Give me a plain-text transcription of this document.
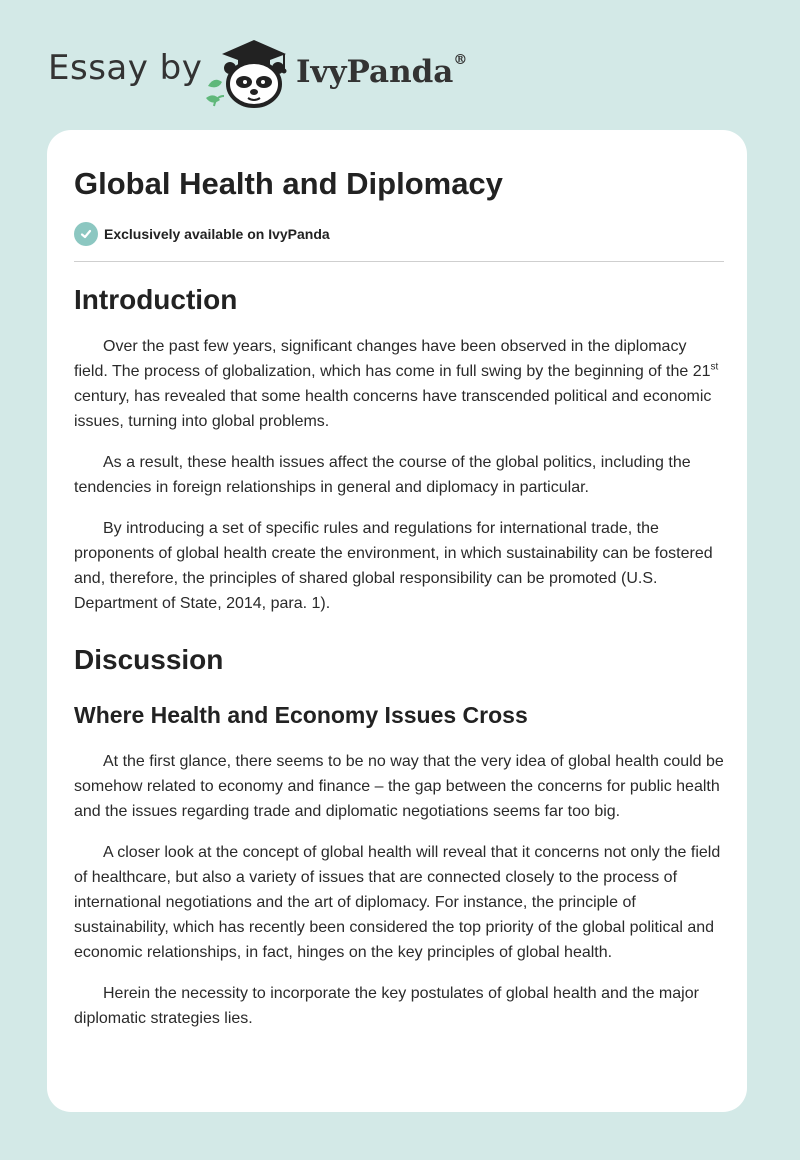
Essay by	IvyPanda®
Global Health and Diplomacy
Exclusively available on IvyPanda
Introduction

Over the past few years, significant changes have been observed in the diplomacy field. The process of globalization, which has come in full swing by the beginning of the 21st century, has revealed that some health concerns have transcended political and economic issues, turning into global problems.

As a result, these health issues affect the course of the global politics, including the tendencies in foreign relationships in general and diplomacy in particular.

By introducing a set of specific rules and regulations for international trade, the proponents of global health create the environment, in which sustainability can be fostered and, therefore, the principles of shared global responsibility can be promoted (U.S. Department of State, 2014, para. 1).

Discussion
Where Health and Economy Issues Cross

At the first glance, there seems to be no way that the very idea of global health could be somehow related to economy and finance – the gap between the concerns for public health and the issues regarding trade and diplomatic negotiations seems far too big.

A closer look at the concept of global health will reveal that it concerns not only the field of healthcare, but also a variety of issues that are connected closely to the process of international negotiations and the art of diplomacy. For instance, the principle of sustainability, which has recently been considered the top priority of the global political and economic relationships, in fact, hinges on the key principles of global health.

Herein the necessity to incorporate the key postulates of global health and the major diplomatic strategies lies.
